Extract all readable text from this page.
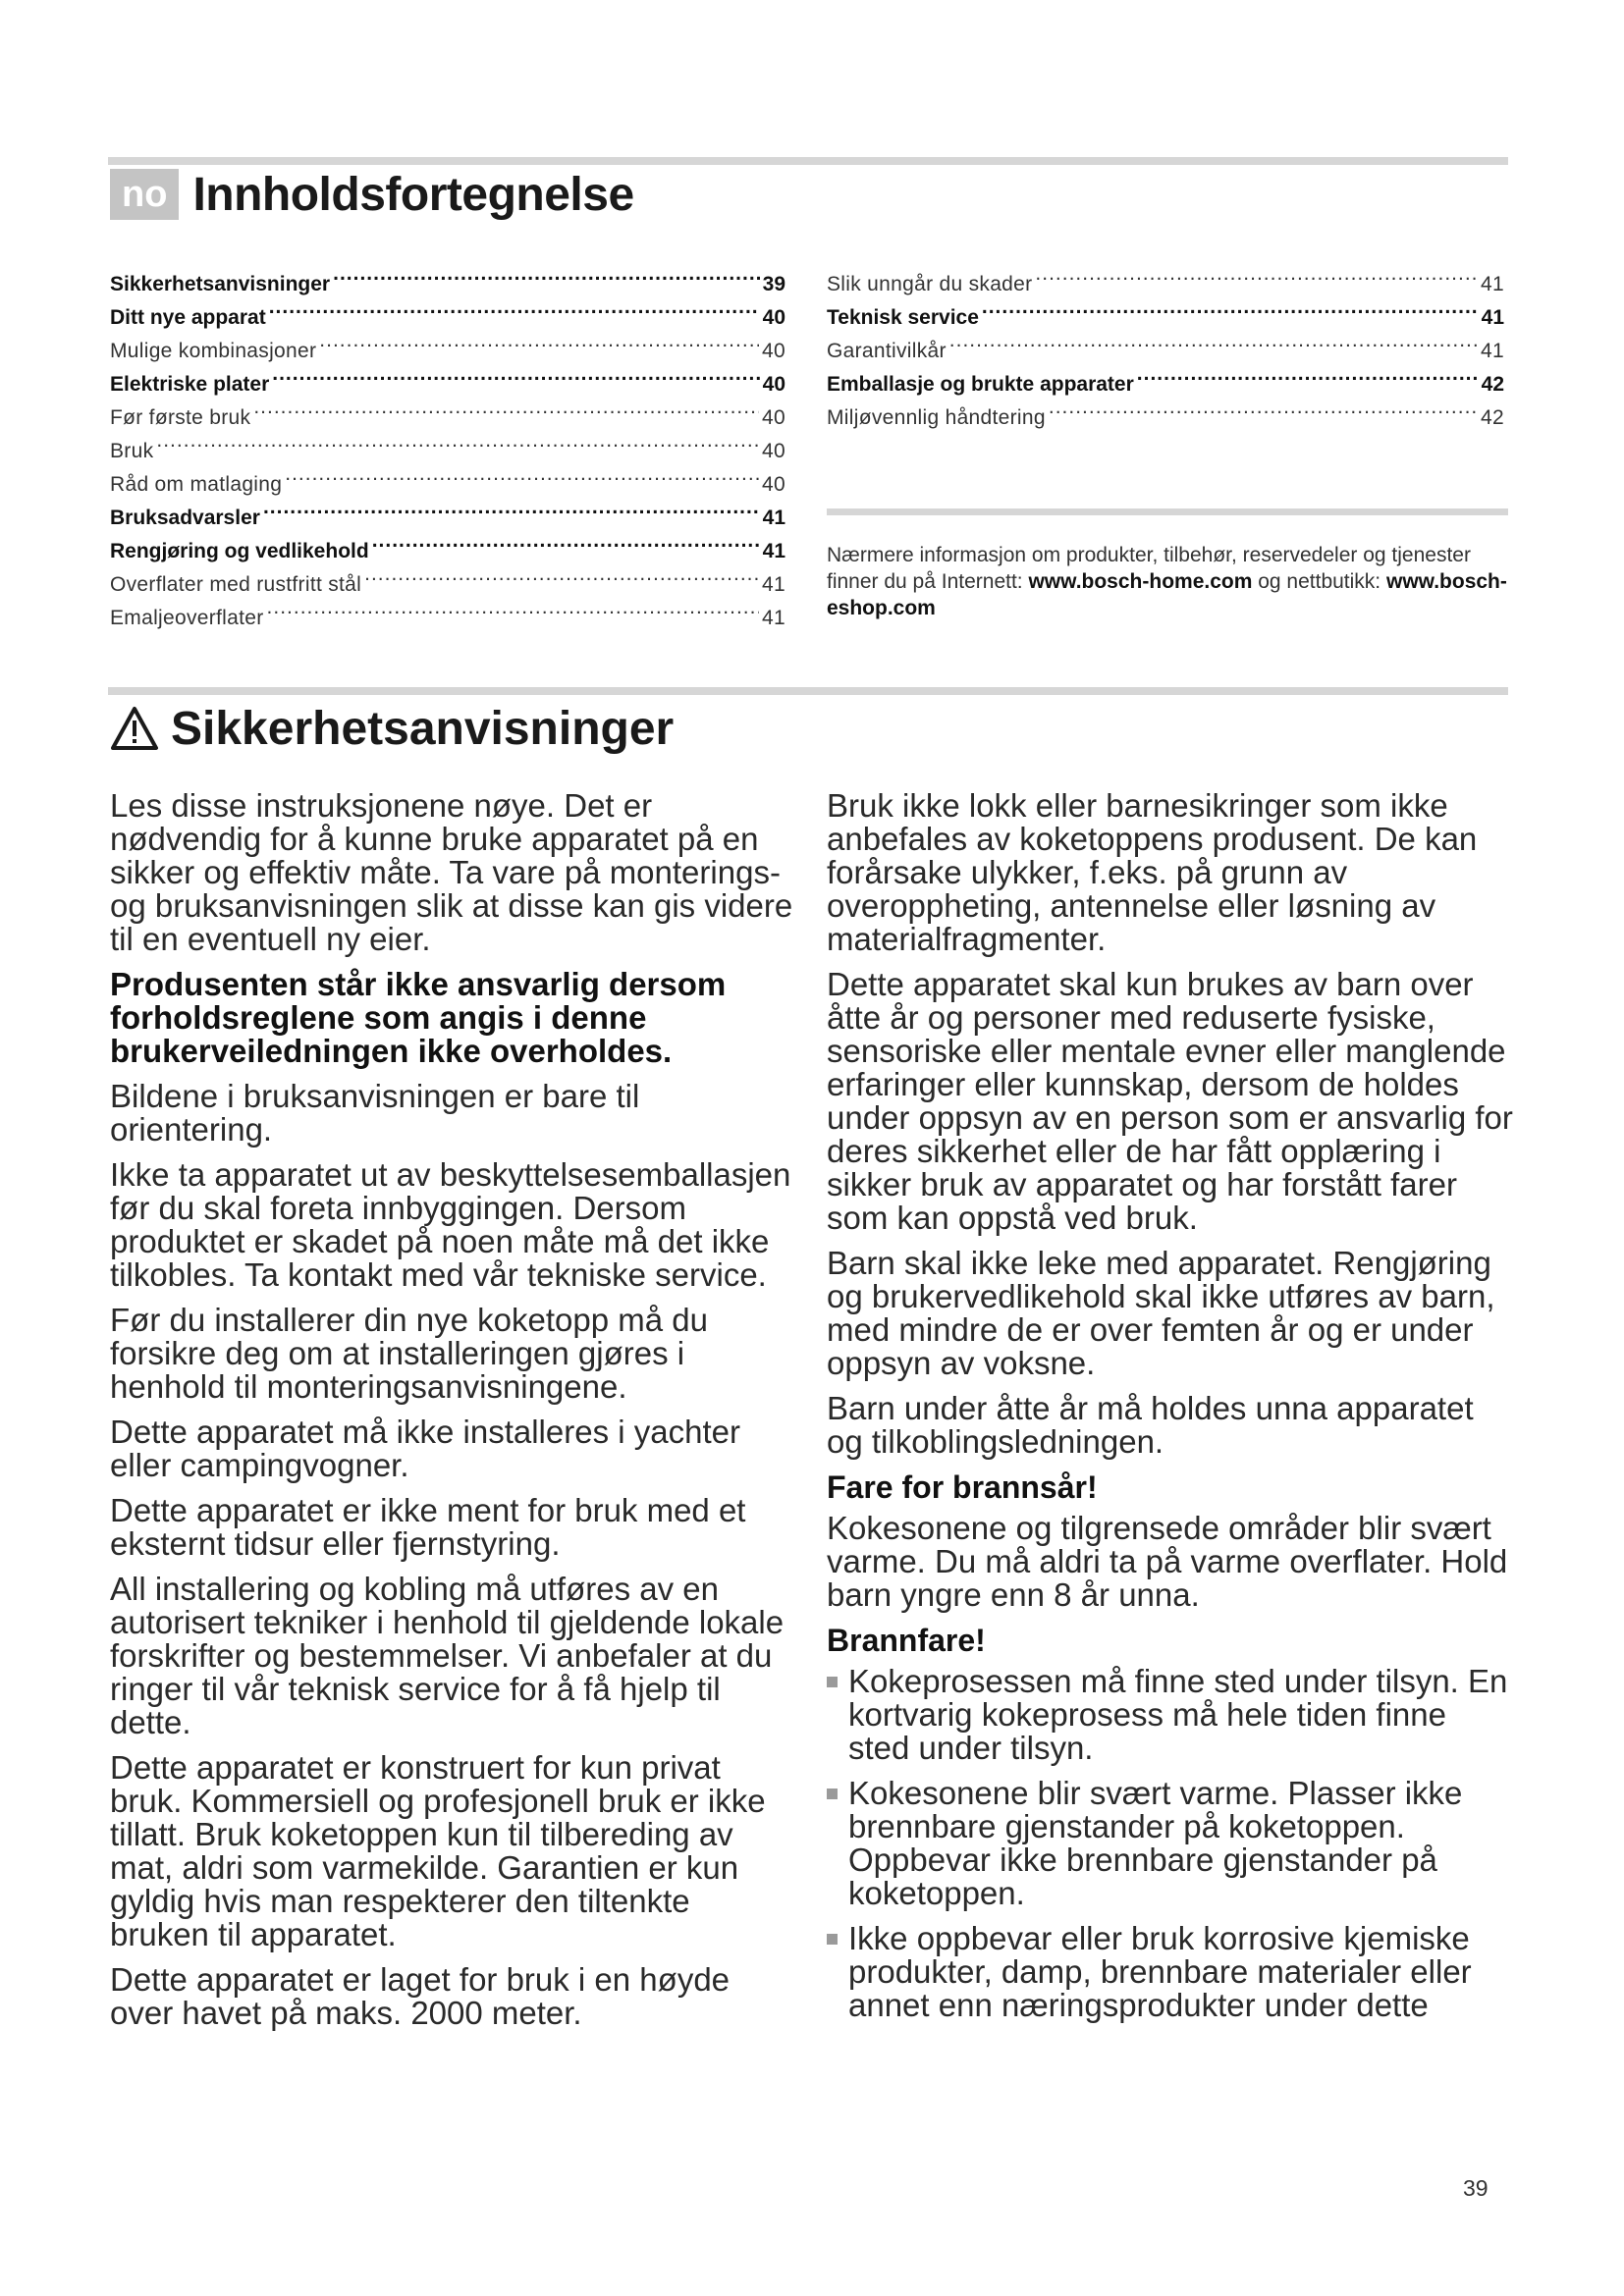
no Innholdsfortegnelse
Sikkerhetsanvisninger .....	39
Ditt nye apparat .....	40
Mulige kombinasjoner .....	40
Elektriske plater .....	40
Før første bruk .....	40
Bruk .....	40
Råd om matlaging .....	40
Bruksadvarsler .....	41
Rengjøring og vedlikehold .....	41
Overflater med rustfritt stål .....	41
Emaljeoverflater .....	41
Slik unngår du skader .....	41
Teknisk service .....	41
Garantivilkår .....	41
Emballasje og brukte apparater .....	42
Miljøvennlig håndtering .....	42
Nærmere informasjon om produkter, tilbehør, reservedeler og tjenester finner du på Internett: www.bosch-home.com og nettbutikk: www.bosch-eshop.com
Sikkerhetsanvisninger

Les disse instruksjonene nøye. Det er nødvendig for å kunne bruke apparatet på en sikker og effektiv måte. Ta vare på monterings- og bruksanvisningen slik at disse kan gis videre til en eventuell ny eier.

Produsenten står ikke ansvarlig dersom forholdsreglene som angis i denne brukerveiledningen ikke overholdes.

Bildene i bruksanvisningen er bare til orientering.

Ikke ta apparatet ut av beskyttelsesemballasjen før du skal foreta innbyggingen. Dersom produktet er skadet på noen måte må det ikke tilkobles. Ta kontakt med vår tekniske service.

Før du installerer din nye koketopp må du forsikre deg om at installeringen gjøres i henhold til monteringsanvisningene.

Dette apparatet må ikke installeres i yachter eller campingvogner.

Dette apparatet er ikke ment for bruk med et eksternt tidsur eller fjernstyring.

All installering og kobling må utføres av en autorisert tekniker i henhold til gjeldende lokale forskrifter og bestemmelser. Vi anbefaler at du ringer til vår teknisk service for å få hjelp til dette.

Dette apparatet er konstruert for kun privat bruk. Kommersiell og profesjonell bruk er ikke tillatt. Bruk koketoppen kun til tilbereding av mat, aldri som varmekilde. Garantien er kun gyldig hvis man respekterer den tiltenkte bruken til apparatet.

Dette apparatet er laget for bruk i en høyde over havet på maks. 2000 meter.

Bruk ikke lokk eller barnesikringer som ikke anbefales av koketoppens produsent. De kan forårsake ulykker, f.eks. på grunn av overoppheting, antennelse eller løsning av materialfragmenter.

Dette apparatet skal kun brukes av barn over åtte år og personer med reduserte fysiske, sensoriske eller mentale evner eller manglende erfaringer eller kunnskap, dersom de holdes under oppsyn av en person som er ansvarlig for deres sikkerhet eller de har fått opplæring i sikker bruk av apparatet og har forstått farer som kan oppstå ved bruk.

Barn skal ikke leke med apparatet. Rengjøring og brukervedlikehold skal ikke utføres av barn, med mindre de er over femten år og er under oppsyn av voksne.

Barn under åtte år må holdes unna apparatet og tilkoblingsledningen.

Fare for brannsår!

Kokesonene og tilgrensede områder blir svært varme. Du må aldri ta på varme overflater. Hold barn yngre enn 8 år unna.

Brannfare!
Kokeprosessen må finne sted under tilsyn. En kortvarig kokeprosess må hele tiden finne sted under tilsyn.
Kokesonene blir svært varme. Plasser ikke brennbare gjenstander på koketoppen. Oppbevar ikke brennbare gjenstander på koketoppen.
Ikke oppbevar eller bruk korrosive kjemiske produkter, damp, brennbare materialer eller annet enn næringsprodukter under dette
39
